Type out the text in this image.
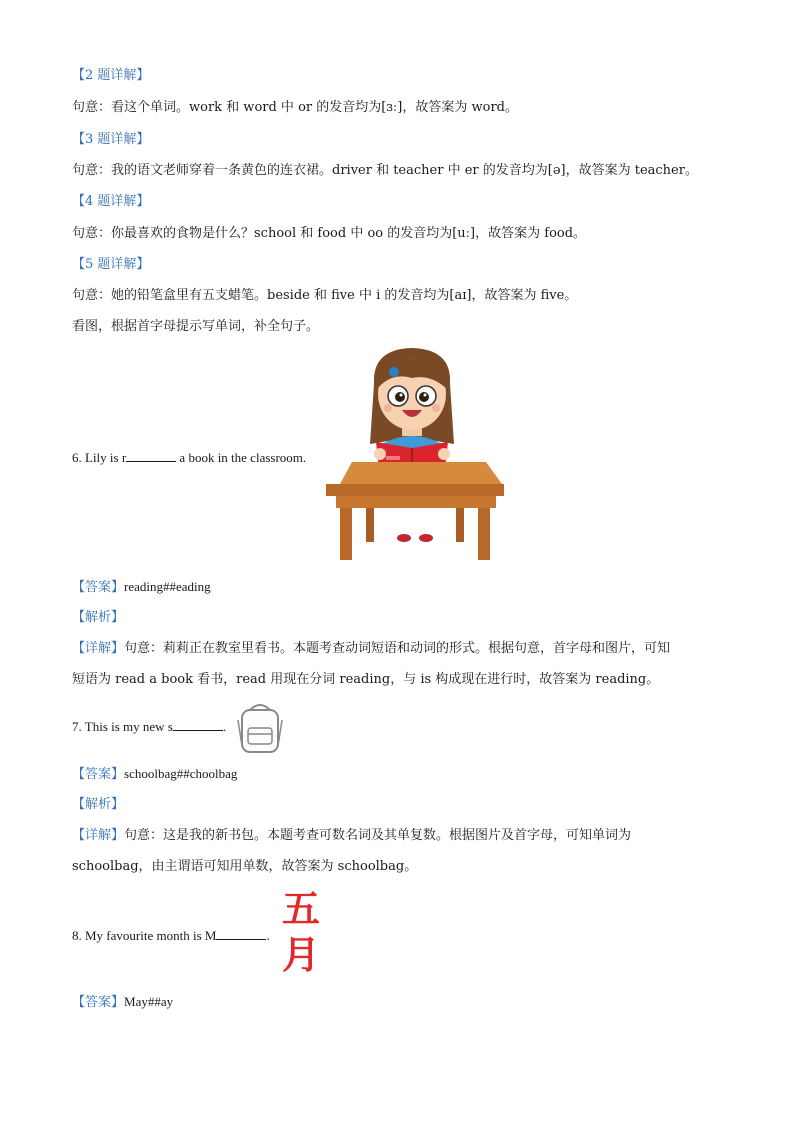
【2 题详解】
句意：看这个单词。work 和 word 中 or 的发音均为[ɜː]，故答案为 word。
【3 题详解】
句意：我的语文老师穿着一条黄色的连衣裙。driver 和 teacher 中 er 的发音均为[ə]，故答案为 teacher。
【4 题详解】
句意：你最喜欢的食物是什么？school 和 food 中 oo 的发音均为[uː]，故答案为 food。
【5 题详解】
句意：她的铅笔盒里有五支蜡笔。beside 和 five 中 i 的发音均为[aɪ]，故答案为 five。
看图，根据首字母提示写单词，补全句子。
6. Lily is r	a book in the classroom.
【答案】reading##eading
【解析】
【详解】句意：莉莉正在教室里看书。本题考查动词短语和动词的形式。根据句意，首字母和图片，可知
短语为 read a book 看书，read 用现在分词 reading，与 is 构成现在进行时，故答案为 reading。
7. This is my new s	.
【答案】schoolbag##choolbag
【解析】
【详解】句意：这是我的新书包。本题考查可数名词及其单复数。根据图片及首字母，可知单词为
schoolbag，由主谓语可知用单数，故答案为 schoolbag。
五
月
8. My favourite month is M	.
【答案】May##ay
